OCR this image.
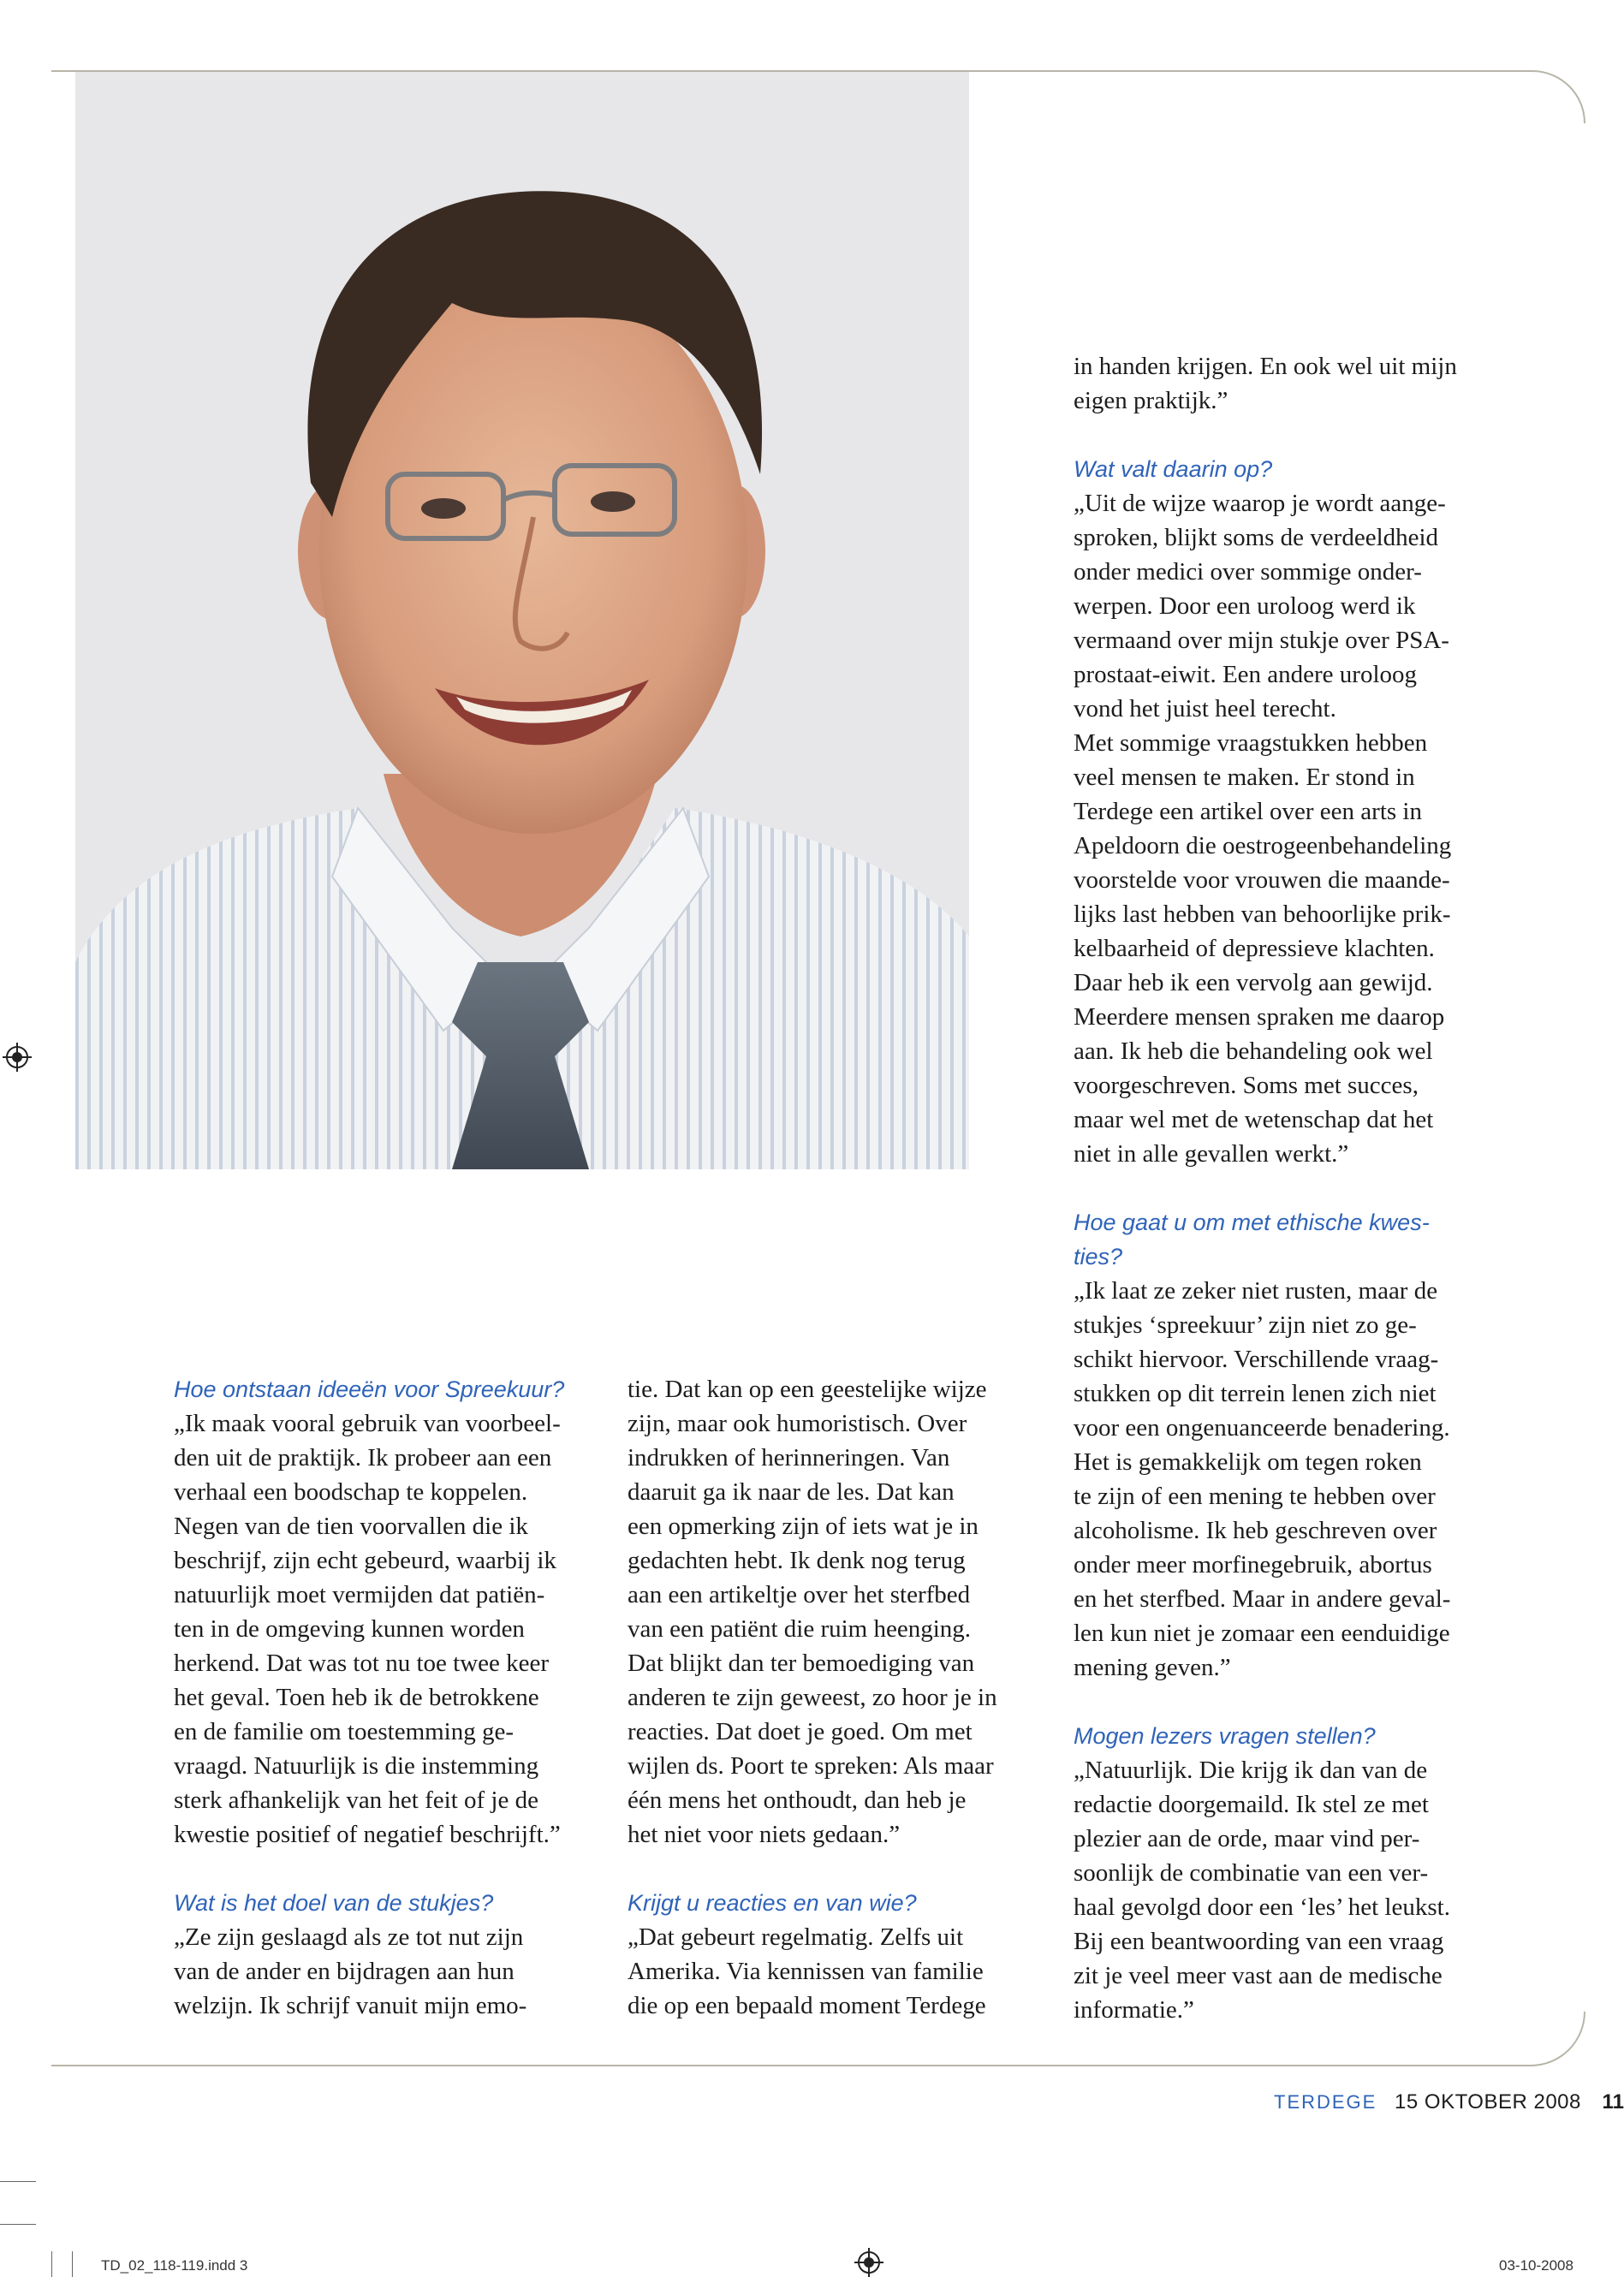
Hoe ontstaan ideeën voor Spreekuur?

„Ik maak vooral gebruik van voorbeel-
den uit de praktijk. Ik probeer aan een
verhaal een boodschap te koppelen.
Negen van de tien voorvallen die ik
beschrijf, zijn echt gebeurd, waarbij ik
natuurlijk moet vermijden dat patiën-
ten in de omgeving kunnen worden
herkend. Dat was tot nu toe twee keer
het geval. Toen heb ik de betrokkene
en de familie om toestemming ge-
vraagd. Natuurlijk is die instemming
sterk afhankelijk van het feit of je de
kwestie positief of negatief beschrijft.”

Wat is het doel van de stukjes?

„Ze zijn geslaagd als ze tot nut zijn
van de ander en bijdragen aan hun
welzijn. Ik schrijf vanuit mijn emo-

tie. Dat kan op een geestelijke wijze
zijn, maar ook humoristisch. Over
indrukken of herinneringen. Van
daaruit ga ik naar de les. Dat kan
een opmerking zijn of iets wat je in
gedachten hebt. Ik denk nog terug
aan een artikeltje over het sterfbed
van een patiënt die ruim heenging.
Dat blijkt dan ter bemoediging van
anderen te zijn geweest, zo hoor je in
reacties. Dat doet je goed. Om met
wijlen ds. Poort te spreken: Als maar
één mens het onthoudt, dan heb je
het niet voor niets gedaan.”

Krijgt u reacties en van wie?

„Dat gebeurt regelmatig. Zelfs uit
Amerika. Via kennissen van familie
die op een bepaald moment Terdege

in handen krijgen. En ook wel uit mijn
eigen praktijk.”

Wat valt daarin op?

„Uit de wijze waarop je wordt aange-
sproken, blijkt soms de verdeeldheid
onder medici over sommige onder-
werpen. Door een uroloog werd ik
vermaand over mijn stukje over PSA-
prostaat-eiwit. Een andere uroloog
vond het juist heel terecht.
Met sommige vraagstukken hebben
veel mensen te maken. Er stond in
Terdege een artikel over een arts in
Apeldoorn die oestrogeenbehandeling
voorstelde voor vrouwen die maande-
lijks last hebben van behoorlijke prik-
kelbaarheid of depressieve klachten.
Daar heb ik een vervolg aan gewijd.
Meerdere mensen spraken me daarop
aan. Ik heb die behandeling ook wel
voorgeschreven. Soms met succes,
maar wel met de wetenschap dat het
niet in alle gevallen werkt.”

Hoe gaat u om met ethische kwes-
ties?

„Ik laat ze zeker niet rusten, maar de
stukjes ‘spreekuur’ zijn niet zo ge-
schikt hiervoor. Verschillende vraag-
stukken op dit terrein lenen zich niet
voor een ongenuanceerde benadering.
Het is gemakkelijk om tegen roken
te zijn of een mening te hebben over
alcoholisme. Ik heb geschreven over
onder meer morfinegebruik, abortus
en het sterfbed. Maar in andere geval-
len kun niet je zomaar een eenduidige
mening geven.”

Mogen lezers vragen stellen?

„Natuurlijk. Die krijg ik dan van de
redactie doorgemaild. Ik stel ze met
plezier aan de orde, maar vind per-
soonlijk de combinatie van een ver-
haal gevolgd door een ‘les’ het leukst.
Bij een beantwoording van een vraag
zit je veel meer vast aan de medische
informatie.”

TERDEGE 15 OKTOBER 2008 11
TD_02_118-119.indd 3	03-10-2008
